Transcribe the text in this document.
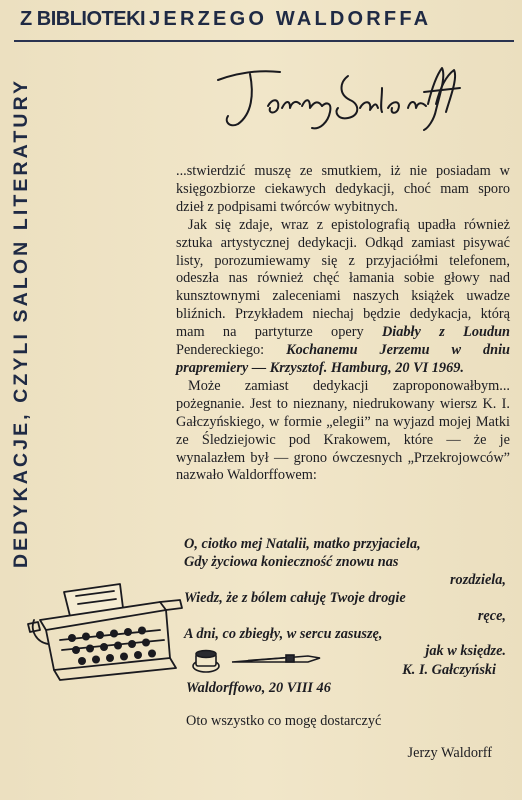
Z BIBLIOTEKI JERZEGO WALDORFFA
DEDYKACJE, CZYLI SALON LITERATURY	...stwierdzić muszę ze smutkiem, iż nie posiadam w księgozbiorze ciekawych dedykacji, choć mam sporo dzieł z podpisami twórców wybitnych.

Jak się zdaje, wraz z epistolografią upadła również sztuka artystycznej dedykacji. Odkąd zamiast pisywać listy, porozumiewamy się z przyjaciółmi telefonem, odeszła nas również chęć łamania sobie głowy nad kunsztownymi zaleceniami naszych książek uwadze bliźnich. Przykładem niechaj będzie dedykacja, którą mam na partyturze opery Diabły z Loudun Pendereckiego: Kochanemu Jerzemu w dniu prapremiery — Krzysztof. Hamburg, 20 VI 1969.

Może zamiast dedykacji zaproponowałbym... pożegnanie. Jest to nieznany, niedrukowany wiersz K. I. Gałczyńskiego, w formie „elegii” na wyjazd mojej Matki ze Śledziejowic pod Krakowem, które — że je wynalazłem był — grono ówczesnych „Przekrojowców” nazwało Waldorffowem:

O, ciotko mej Natalii, matko przyjaciela,
Gdy życiowa konieczność znowu nas
rozdziela,
Wiedz, że z bólem całuję Twoje drogie
ręce,
A dni, co zbiegły, w sercu zasuszę,
jak w księdze.
K. I. Gałczyński
Waldorffowo, 20 VIII 46
Oto wszystko co mogę dostarczyć
Jerzy Waldorff
